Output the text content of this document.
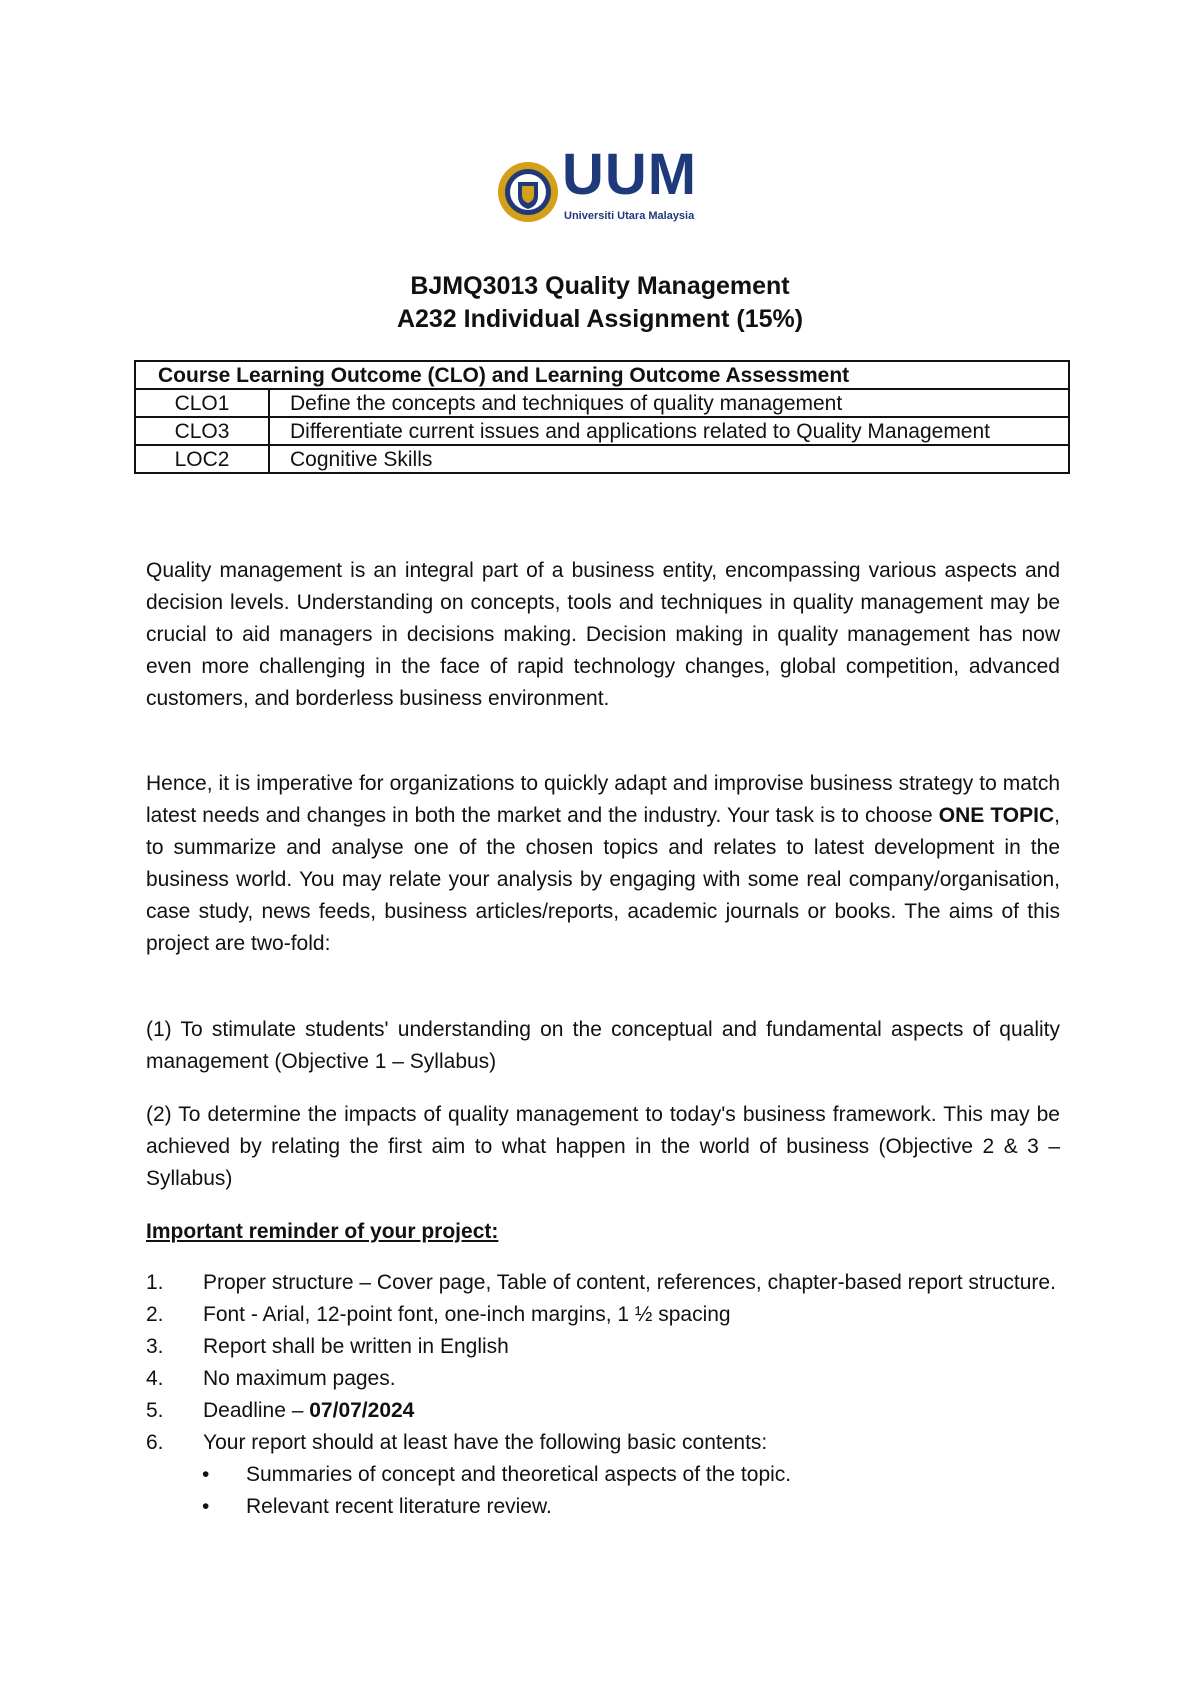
UUM
Universiti Utara Malaysia
BJMQ3013 Quality Management
A232 Individual Assignment (15%)
Course Learning Outcome (CLO) and Learning Outcome Assessment	
CLO1	Define the concepts and techniques of quality management
CLO3	Differentiate current issues and applications related to Quality Management
LOC2	Cognitive Skills
Quality management is an integral part of a business entity, encompassing various aspects and decision levels. Understanding on concepts, tools and techniques in quality management may be crucial to aid managers in decisions making. Decision making in quality management has now even more challenging in the face of rapid technology changes, global competition, advanced customers, and borderless business environment.
Hence, it is imperative for organizations to quickly adapt and improvise business strategy to match latest needs and changes in both the market and the industry. Your task is to choose ONE TOPIC, to summarize and analyse one of the chosen topics and relates to latest development in the business world. You may relate your analysis by engaging with some real company/organisation, case study, news feeds, business articles/reports, academic journals or books. The aims of this project are two-fold:
(1) To stimulate students' understanding on the conceptual and fundamental aspects of quality management (Objective 1 – Syllabus)
(2) To determine the impacts of quality management to today's business framework. This may be achieved by relating the first aim to what happen in the world of business (Objective 2 & 3 – Syllabus)
Important reminder of your project:
1. Proper structure – Cover page, Table of content, references, chapter-based report structure.
2. Font - Arial, 12-point font, one-inch margins, 1 ½ spacing
3. Report shall be written in English
4. No maximum pages.
5. Deadline – 07/07/2024
6. Your report should at least have the following basic contents:
• Summaries of concept and theoretical aspects of the topic.
• Relevant recent literature review.
